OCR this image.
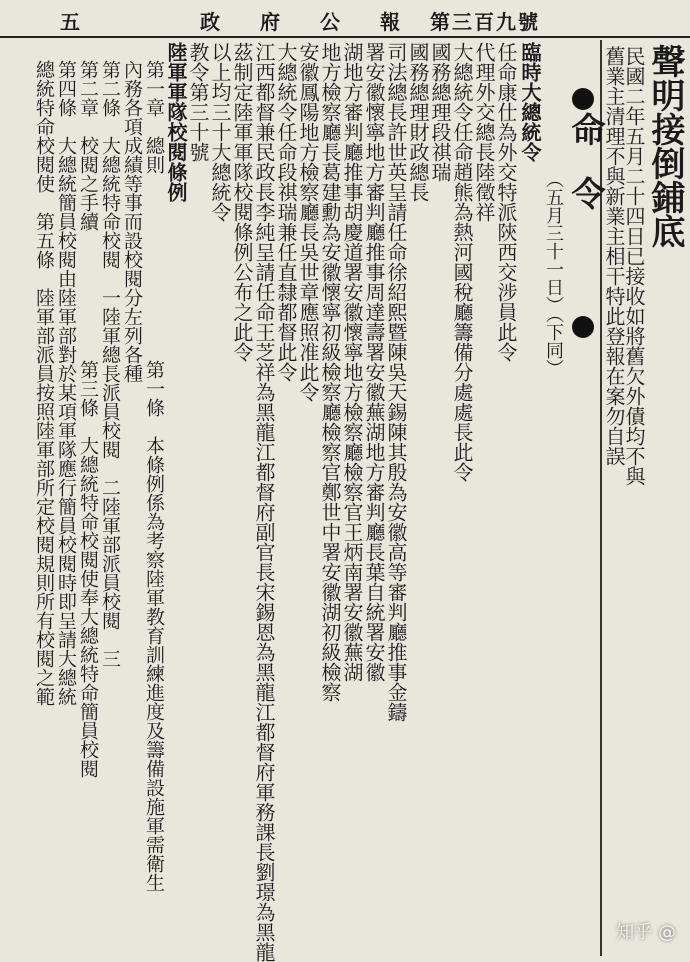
五	政府公報
第三百九號
聲明接倒鋪底
民國二年五月二十四日已接收如將舊欠外債均不與
舊業主清理不與新業主相干特此登報在案勿自誤
命令
（五月三十一日）（下同）
臨時大總統令
任命康仕為外交特派陝西交涉員此令
代理外交總長陸徵祥
大總統令任命趙熊為熱河國稅廳籌備分處處長此令
國務總理段祺瑞
國務總理財政總長
司法總長許世英呈請任命徐紹熙暨陳吳天錫陳其殷為安徽高等審判廳推事金鑄
署安徽懷寧地方審判廳推事周達壽署安徽蕪湖地方審判廳長葉自統署安徽
湖地方審判廳推事胡慶道署安徽懷寧地方檢察廳檢察官王炳南署安徽蕪湖
地方檢察廳長葛建勳為安徽懷寧初級檢察廳檢察官鄭世中署安徽湖初級檢察
安徽鳳陽地方檢察廳長吳世章應照准此令
大總統令任命段祺瑞兼任直隸都督此令
江西都督兼民政長李純呈請任命王芝祥為黑龍江都督府副官長宋錫恩為黑龍江都督府軍務課長劉璟為黑龍
茲制定陸軍軍隊校閱條例公布之此令
以上均三十大總統令
教令第三十號
陸軍軍隊校閱條例
第一章　總則
第一條　本條例係為考察陸軍教育訓練進度及籌備設施軍需衛生
內務各項成績等事而設校閱分左列各種
第二條　大總統特命校閱　一陸軍總長派員校閱　二陸軍部派員校閱　三
第二章　校閱之手續
第三條　大總統特命校閱使奉大總統特命簡員校閱
第四條　大總統簡員校閱由陸軍部對於某項軍隊應行簡員校閱時即呈請大總統
總統特命校閱使　第五條　陸軍部派員按照陸軍部所定校閱規則所有校閱之範
知乎 @
